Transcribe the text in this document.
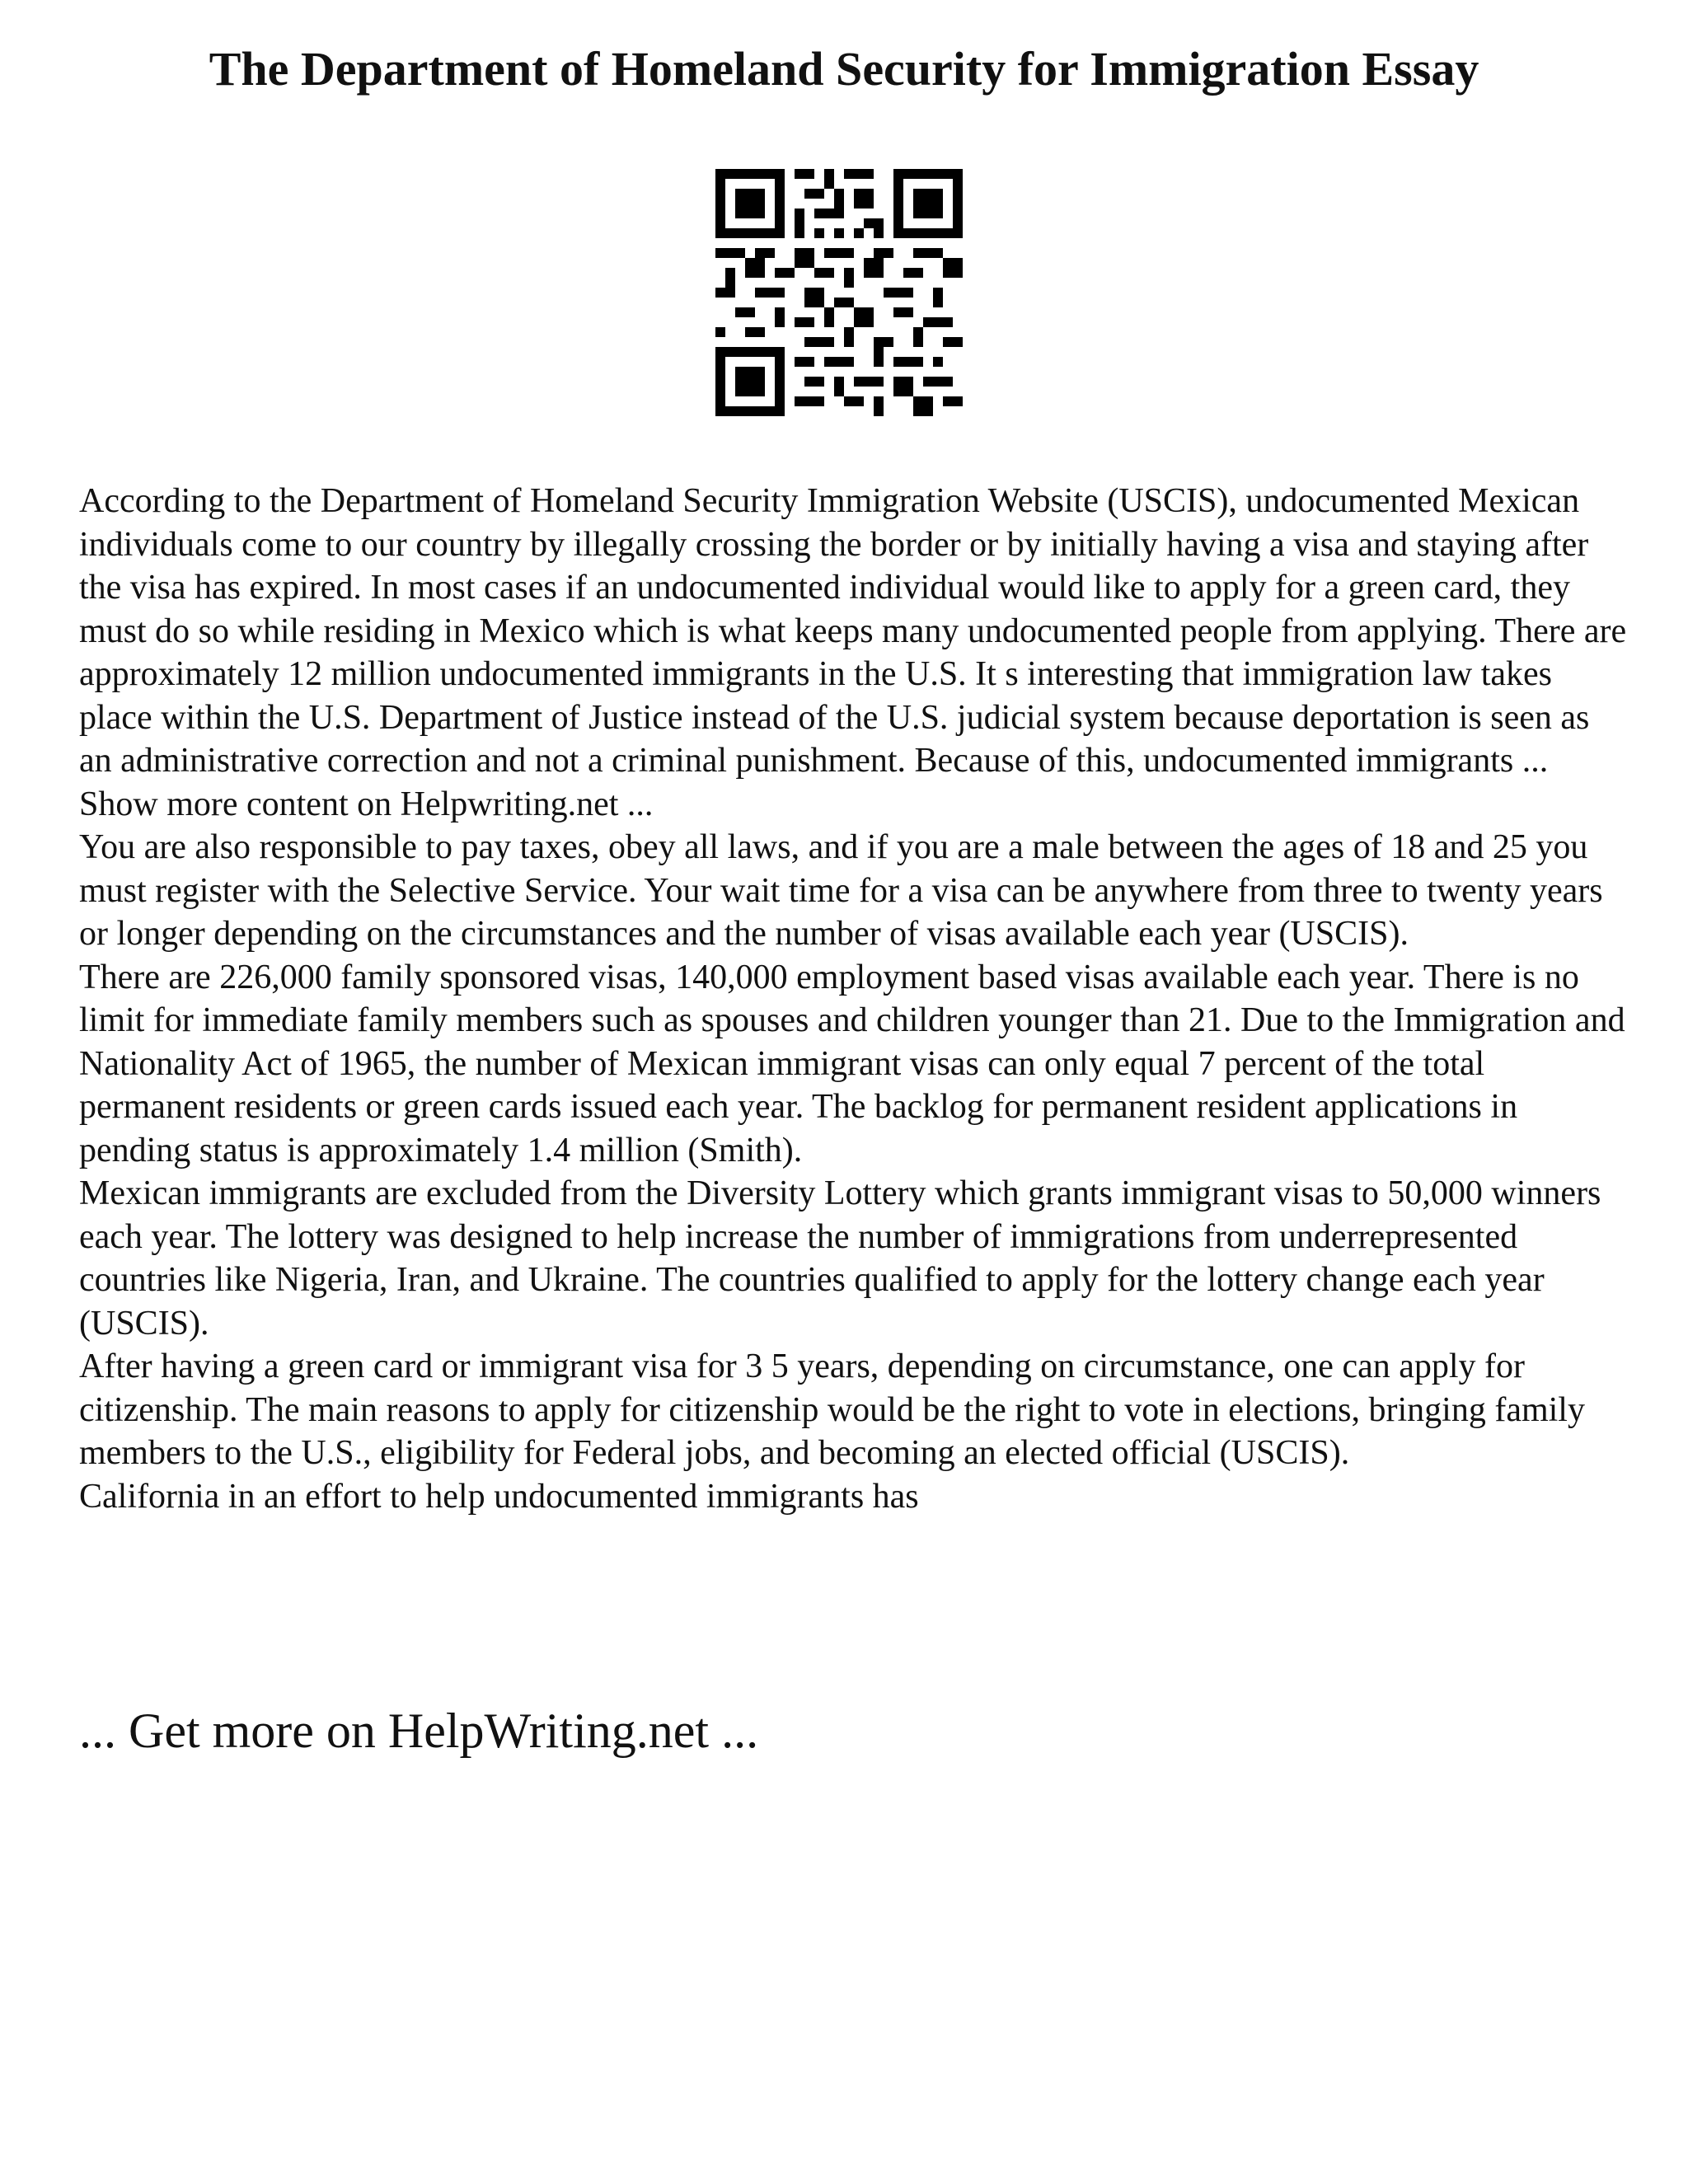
The Department of Homeland Security for Immigration Essay

According to the Department of Homeland Security Immigration Website (USCIS), undocumented Mexican individuals come to our country by illegally crossing the border or by initially having a visa and staying after the visa has expired. In most cases if an undocumented individual would like to apply for a green card, they must do so while residing in Mexico which is what keeps many undocumented people from applying. There are approximately 12 million undocumented immigrants in the U.S. It s interesting that immigration law takes place within the U.S. Department of Justice instead of the U.S. judicial system because deportation is seen as an administrative correction and not a criminal punishment. Because of this, undocumented immigrants ... Show more content on Helpwriting.net ...

You are also responsible to pay taxes, obey all laws, and if you are a male between the ages of 18 and 25 you must register with the Selective Service. Your wait time for a visa can be anywhere from three to twenty years or longer depending on the circumstances and the number of visas available each year (USCIS).

There are 226,000 family sponsored visas, 140,000 employment based visas available each year. There is no limit for immediate family members such as spouses and children younger than 21. Due to the Immigration and Nationality Act of 1965, the number of Mexican immigrant visas can only equal 7 percent of the total permanent residents or green cards issued each year. The backlog for permanent resident applications in pending status is approximately 1.4 million (Smith).

Mexican immigrants are excluded from the Diversity Lottery which grants immigrant visas to 50,000 winners each year. The lottery was designed to help increase the number of immigrations from underrepresented countries like Nigeria, Iran, and Ukraine. The countries qualified to apply for the lottery change each year (USCIS).

After having a green card or immigrant visa for 3 5 years, depending on circumstance, one can apply for citizenship. The main reasons to apply for citizenship would be the right to vote in elections, bringing family members to the U.S., eligibility for Federal jobs, and becoming an elected official (USCIS).

California in an effort to help undocumented immigrants has

... Get more on HelpWriting.net ...
